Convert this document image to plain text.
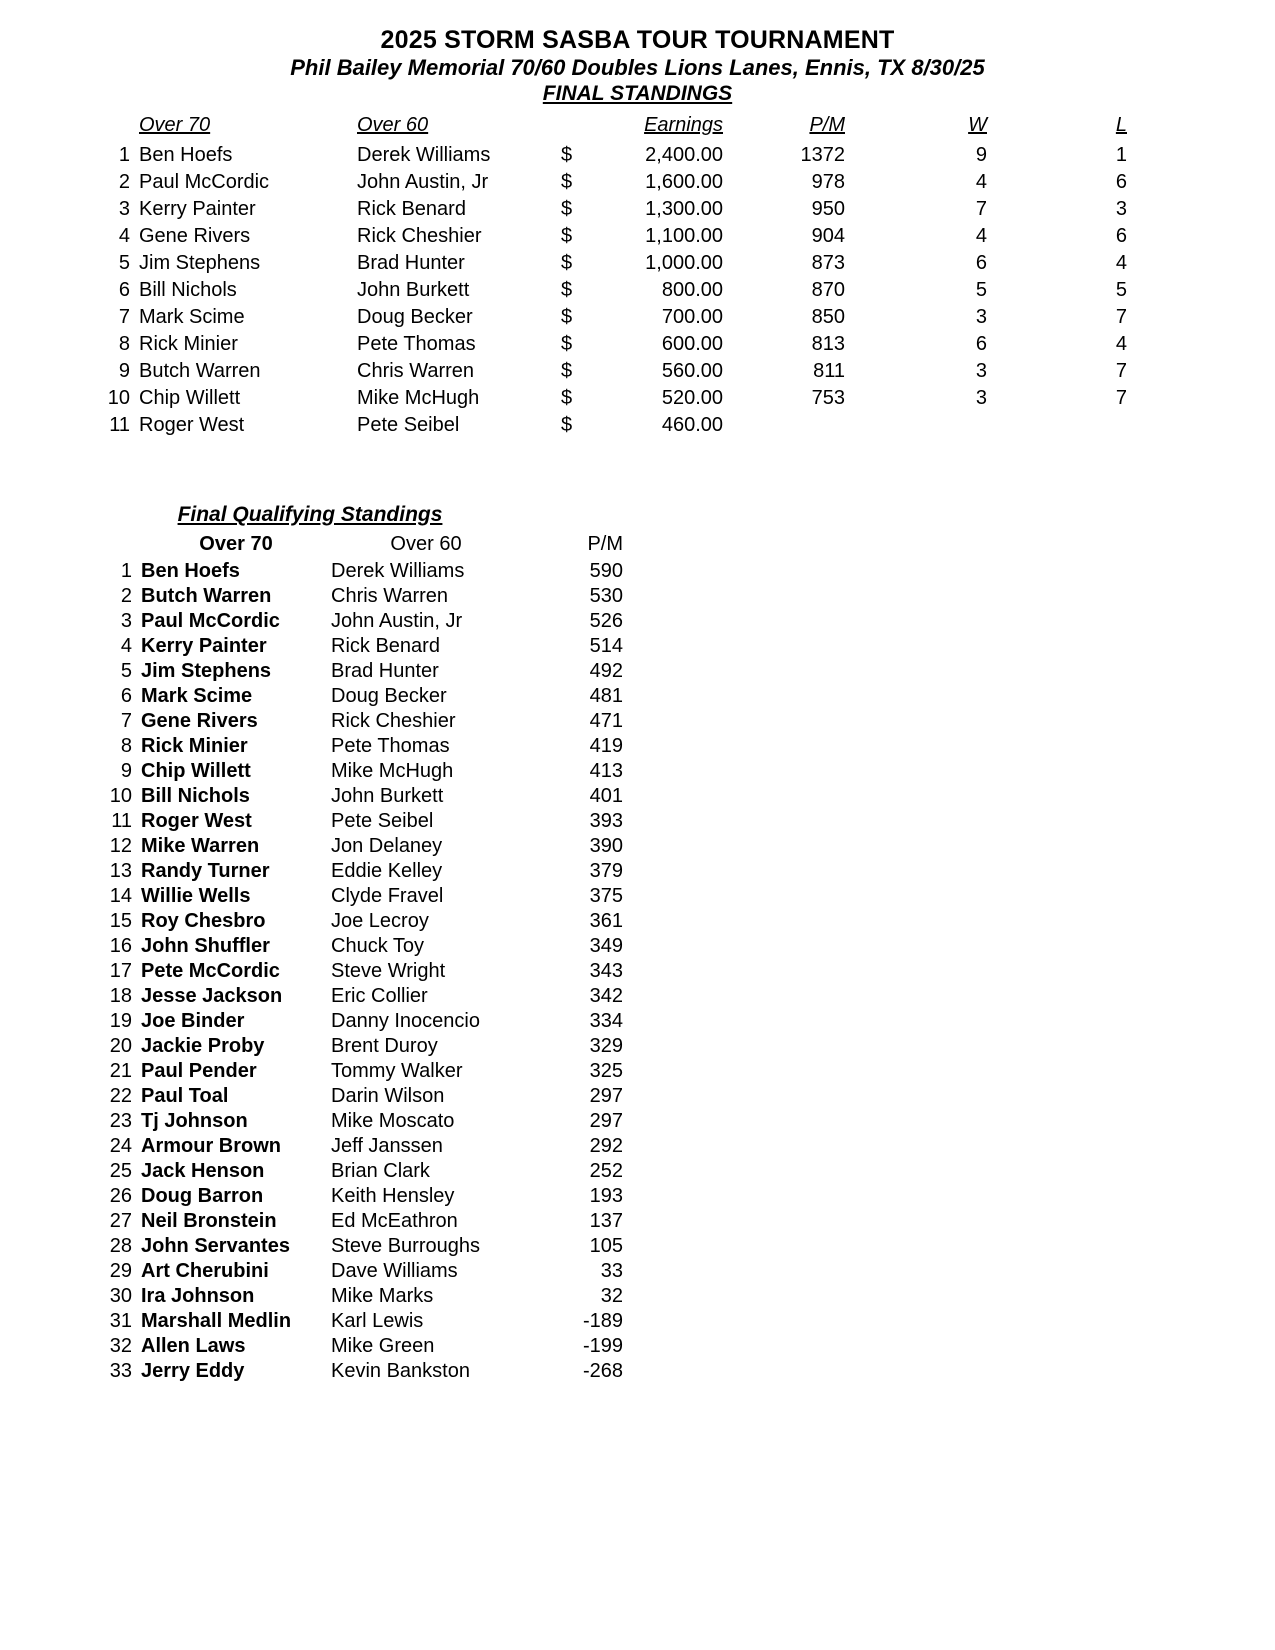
2025 STORM SASBA TOUR TOURNAMENT
Phil Bailey Memorial 70/60 Doubles Lions Lanes, Ennis, TX 8/30/25
FINAL STANDINGS
	Over 70	Over 60		Earnings	P/M	W	L
1	Ben Hoefs	Derek Williams	$	2,400.00	1372	9	1
2	Paul McCordic	John Austin, Jr	$	1,600.00	978	4	6
3	Kerry Painter	Rick Benard	$	1,300.00	950	7	3
4	Gene Rivers	Rick Cheshier	$	1,100.00	904	4	6
5	Jim Stephens	Brad Hunter	$	1,000.00	873	6	4
6	Bill Nichols	John Burkett	$	800.00	870	5	5
7	Mark Scime	Doug Becker	$	700.00	850	3	7
8	Rick Minier	Pete Thomas	$	600.00	813	6	4
9	Butch Warren	Chris Warren	$	560.00	811	3	7
10	Chip Willett	Mike McHugh	$	520.00	753	3	7
11	Roger West	Pete Seibel	$	460.00			
Final Qualifying Standings
	Over 70	Over 60	P/M
1	Ben Hoefs	Derek Williams	590
2	Butch Warren	Chris Warren	530
3	Paul McCordic	John Austin, Jr	526
4	Kerry Painter	Rick Benard	514
5	Jim Stephens	Brad Hunter	492
6	Mark Scime	Doug Becker	481
7	Gene Rivers	Rick Cheshier	471
8	Rick Minier	Pete Thomas	419
9	Chip Willett	Mike McHugh	413
10	Bill Nichols	John Burkett	401
11	Roger West	Pete Seibel	393
12	Mike Warren	Jon Delaney	390
13	Randy Turner	Eddie Kelley	379
14	Willie Wells	Clyde Fravel	375
15	Roy Chesbro	Joe Lecroy	361
16	John Shuffler	Chuck Toy	349
17	Pete McCordic	Steve Wright	343
18	Jesse Jackson	Eric Collier	342
19	Joe Binder	Danny Inocencio	334
20	Jackie Proby	Brent Duroy	329
21	Paul Pender	Tommy Walker	325
22	Paul Toal	Darin Wilson	297
23	Tj Johnson	Mike Moscato	297
24	Armour Brown	Jeff Janssen	292
25	Jack Henson	Brian Clark	252
26	Doug Barron	Keith Hensley	193
27	Neil Bronstein	Ed McEathron	137
28	John Servantes	Steve Burroughs	105
29	Art Cherubini	Dave Williams	33
30	Ira Johnson	Mike Marks	32
31	Marshall Medlin	Karl Lewis	-189
32	Allen Laws	Mike Green	-199
33	Jerry Eddy	Kevin Bankston	-268
